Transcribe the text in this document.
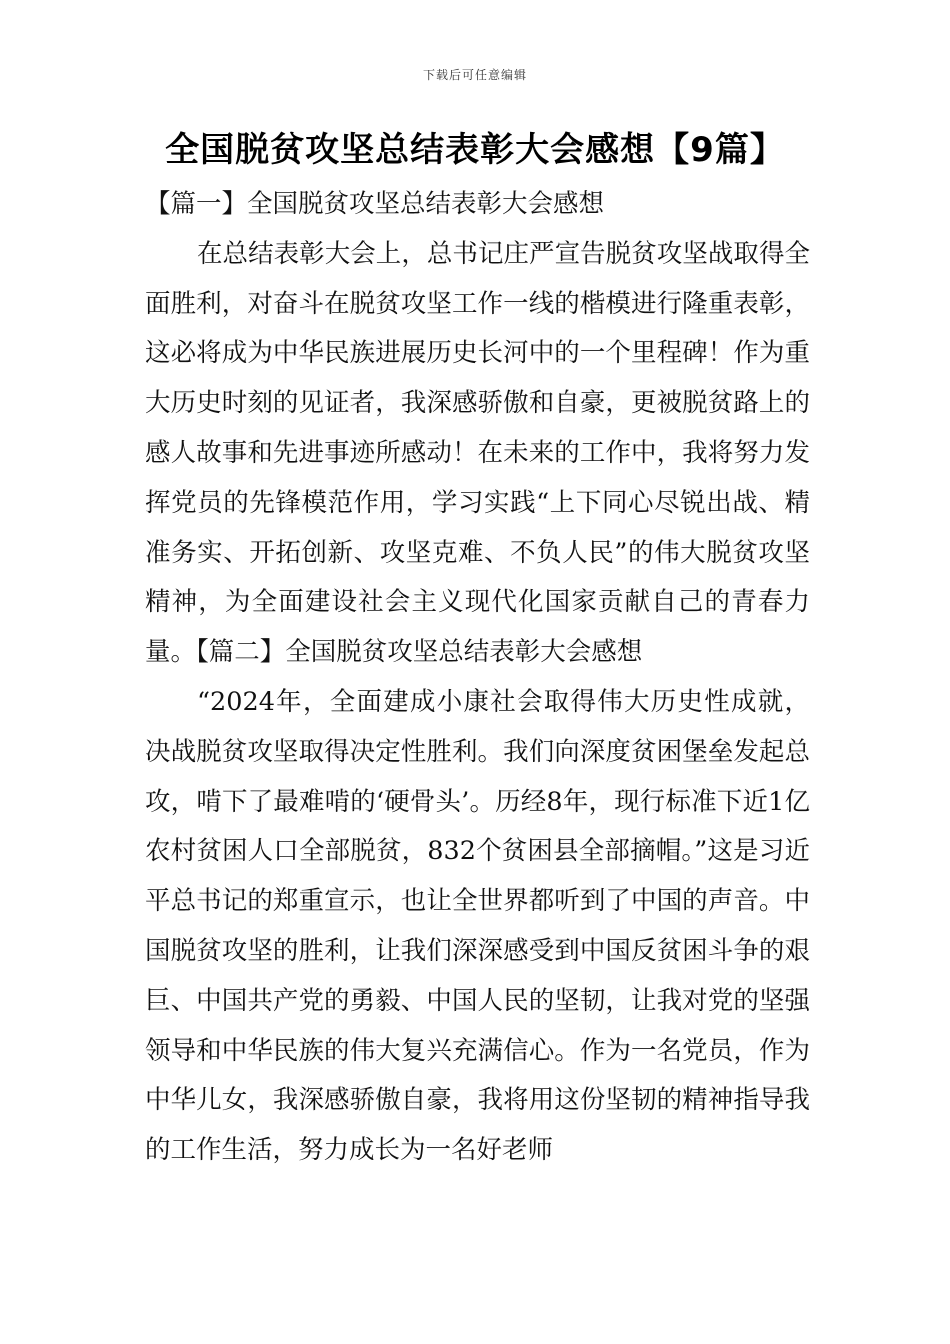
下载后可任意编辑
全国脱贫攻坚总结表彰大会感想【9篇】

【篇一】全国脱贫攻坚总结表彰大会感想

在总结表彰大会上，总书记庄严宣告脱贫攻坚战取得全面胜利，对奋斗在脱贫攻坚工作一线的楷模进行隆重表彰，这必将成为中华民族进展历史长河中的一个里程碑！作为重大历史时刻的见证者，我深感骄傲和自豪，更被脱贫路上的感人故事和先进事迹所感动！在未来的工作中，我将努力发挥党员的先锋模范作用，学习实践“上下同心尽锐出战、精准务实、开拓创新、攻坚克难、不负人民”的伟大脱贫攻坚精神，为全面建设社会主义现代化国家贡献自己的青春力量。【篇二】全国脱贫攻坚总结表彰大会感想

“2024年，全面建成小康社会取得伟大历史性成就，决战脱贫攻坚取得决定性胜利。我们向深度贫困堡垒发起总攻，啃下了最难啃的‘硬骨头’。历经8年，现行标准下近1亿农村贫困人口全部脱贫，832个贫困县全部摘帽。”这是习近平总书记的郑重宣示，也让全世界都听到了中国的声音。中国脱贫攻坚的胜利，让我们深深感受到中国反贫困斗争的艰巨、中国共产党的勇毅、中国人民的坚韧，让我对党的坚强领导和中华民族的伟大复兴充满信心。作为一名党员，作为中华儿女，我深感骄傲自豪，我将用这份坚韧的精神指导我的工作生活，努力成长为一名好老师
